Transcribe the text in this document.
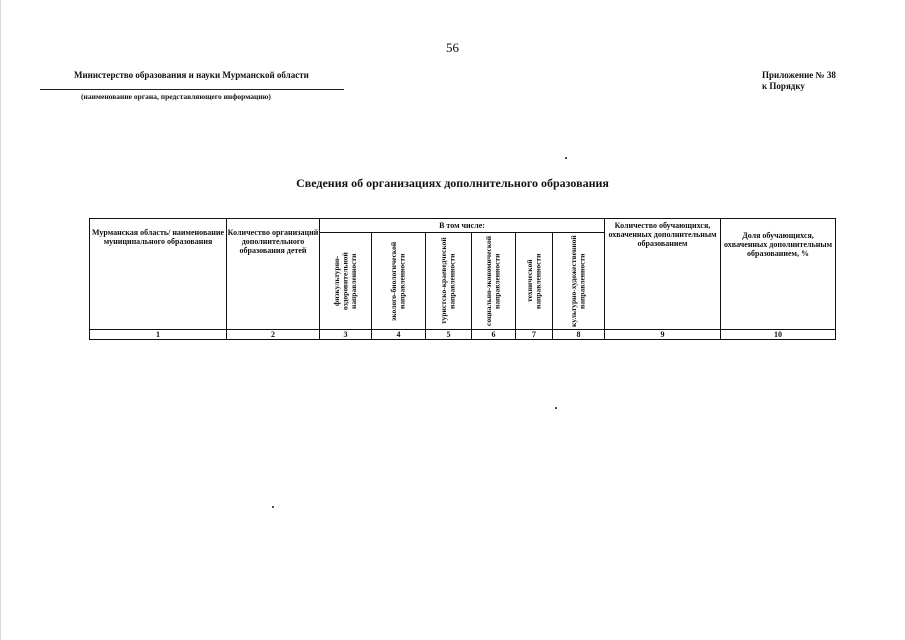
56
Министерство образования и науки Мурманской области
(наименование органа, представляющего информацию)
Приложение № 38
к Порядку
Сведения об организациях дополнительного образования
Мурманская область/ наименование муниципального образования	Количество организаций дополнительного образования детей	В том числе:						Количество обучающихся, охваченных дополнительным образованием	Доля обучающихся, охваченных дополнительным образованием, %

		физкультурно-оздоровительной направленности	эколого-биологической направленности	туристско-краеведческой направленности	социально-экономической направленности	технической направленности	культурно-художественной направленности		

1	2	3	4	5	6	7	8	9	10
